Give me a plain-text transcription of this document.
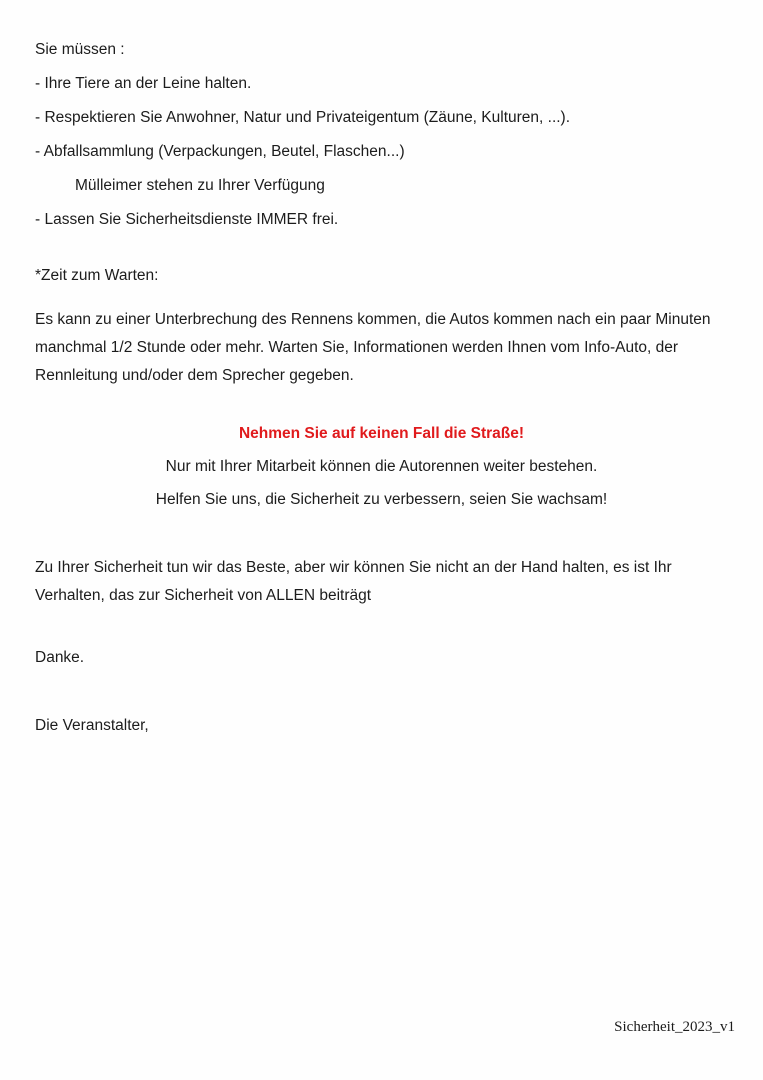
Sie müssen :

- Ihre Tiere an der Leine halten.

- Respektieren Sie Anwohner, Natur und Privateigentum (Zäune, Kulturen, ...).

- Abfallsammlung (Verpackungen, Beutel, Flaschen...)

Mülleimer stehen zu Ihrer Verfügung

- Lassen Sie Sicherheitsdienste IMMER frei.

*Zeit zum Warten:

Es kann zu einer Unterbrechung des Rennens kommen, die Autos kommen nach ein paar Minuten manchmal 1/2 Stunde oder mehr. Warten Sie, Informationen werden Ihnen vom Info-Auto, der Rennleitung und/oder dem Sprecher gegeben.

Nehmen Sie auf keinen Fall die Straße!

Nur mit Ihrer Mitarbeit können die Autorennen weiter bestehen.

Helfen Sie uns, die Sicherheit zu verbessern, seien Sie wachsam!

Zu Ihrer Sicherheit tun wir das Beste, aber wir können Sie nicht an der Hand halten, es ist Ihr Verhalten, das zur Sicherheit von ALLEN beiträgt

Danke.

Die Veranstalter,

Sicherheit_2023_v1
